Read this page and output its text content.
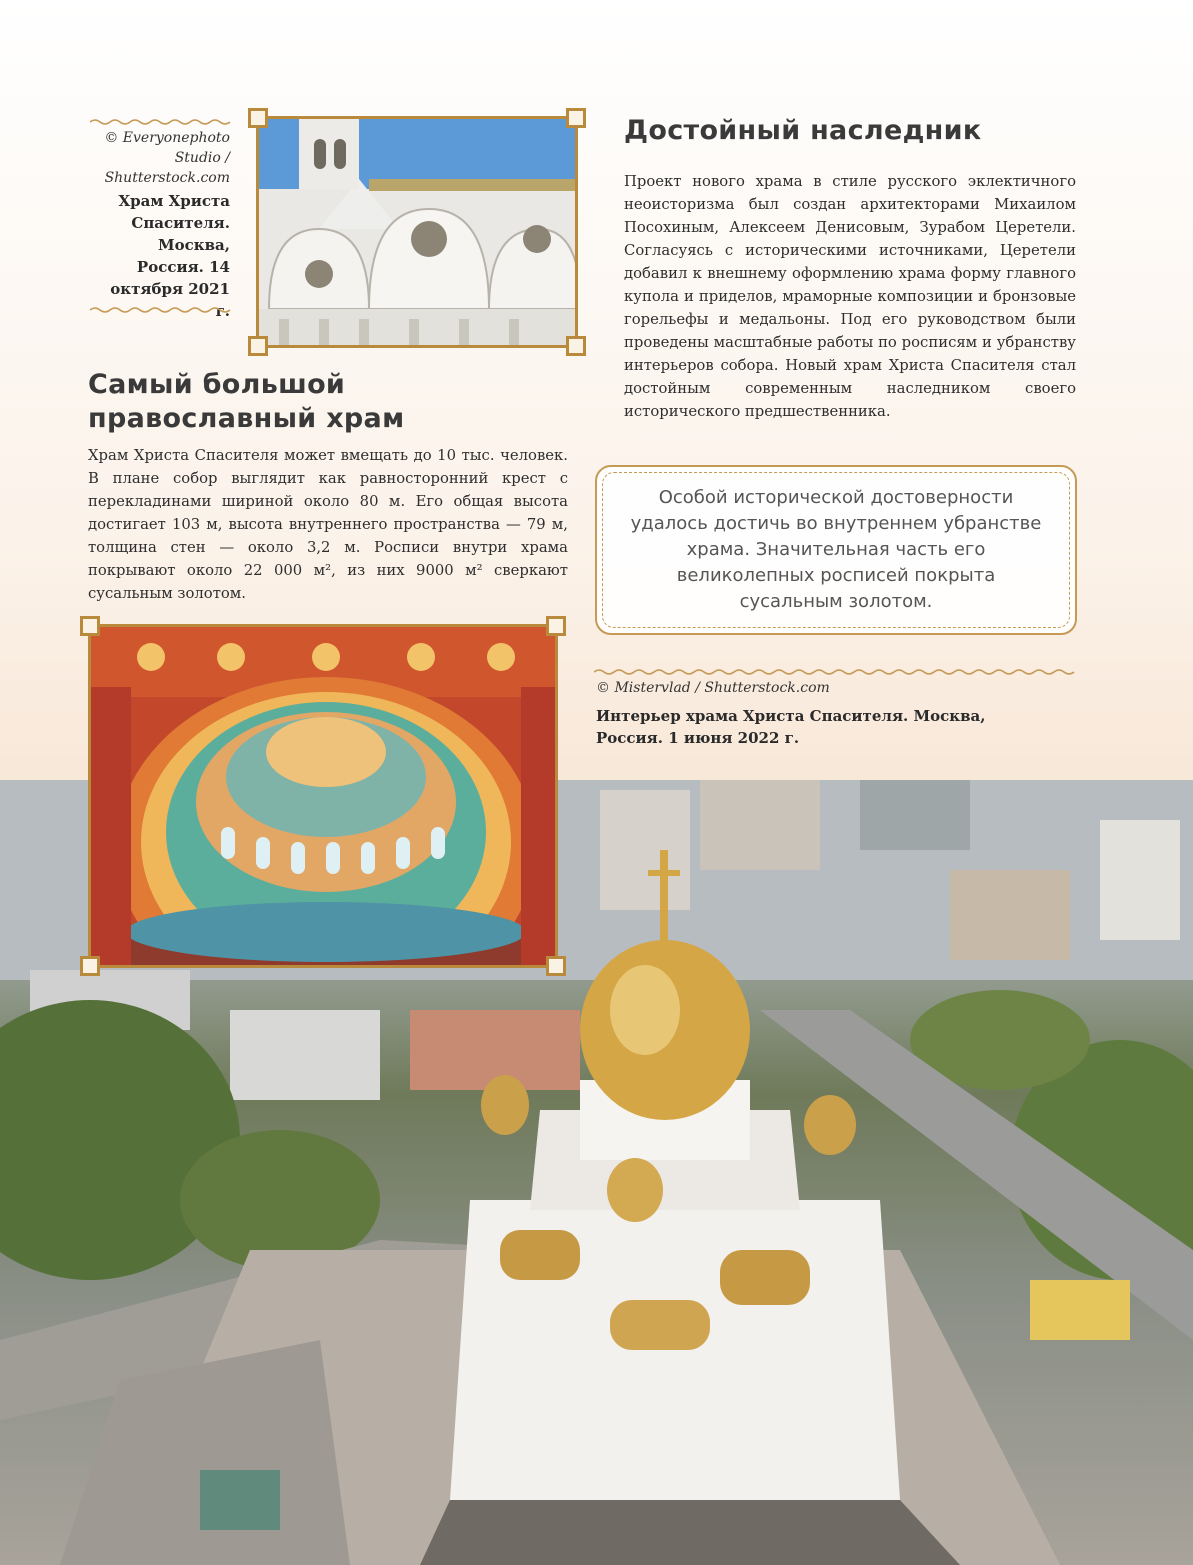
© Everyonephoto Studio / Shutterstock.com
Храм Христа Спасителя. Москва, Россия. 14 октября 2021 г.
Достойный наследник
Проект нового храма в стиле русского эклектичного неоисторизма был создан архитекторами Михаилом Посохиным, Алексеем Денисовым, Зурабом Церетели. Согласуясь с историческими источниками, Церетели добавил к внешнему оформлению храма форму главного купола и приделов, мраморные композиции и бронзовые горельефы и медальоны. Под его руководством были проведены масштабные работы по росписям и убранству интерьеров собора. Новый храм Христа Спасителя стал достойным современным наследником своего исторического предшественника.
Самый большой
православный храм
Храм Христа Спасителя может вмещать до 10 тыс. человек. В плане собор выглядит как равносторонний крест с перекладинами шириной около 80 м. Его общая высота достигает 103 м, высота внутреннего пространства — 79 м, толщина стен — около 3,2 м. Росписи внутри храма покрывают около 22 000 м², из них 9000 м² сверкают сусальным золотом.
Особой исторической достоверности удалось достичь во внутреннем убранстве храма. Значительная часть его великолепных росписей покрыта сусальным золотом.
© Mistervlad / Shutterstock.com
Интерьер храма Христа Спасителя. Москва, Россия. 1 июня 2022 г.
